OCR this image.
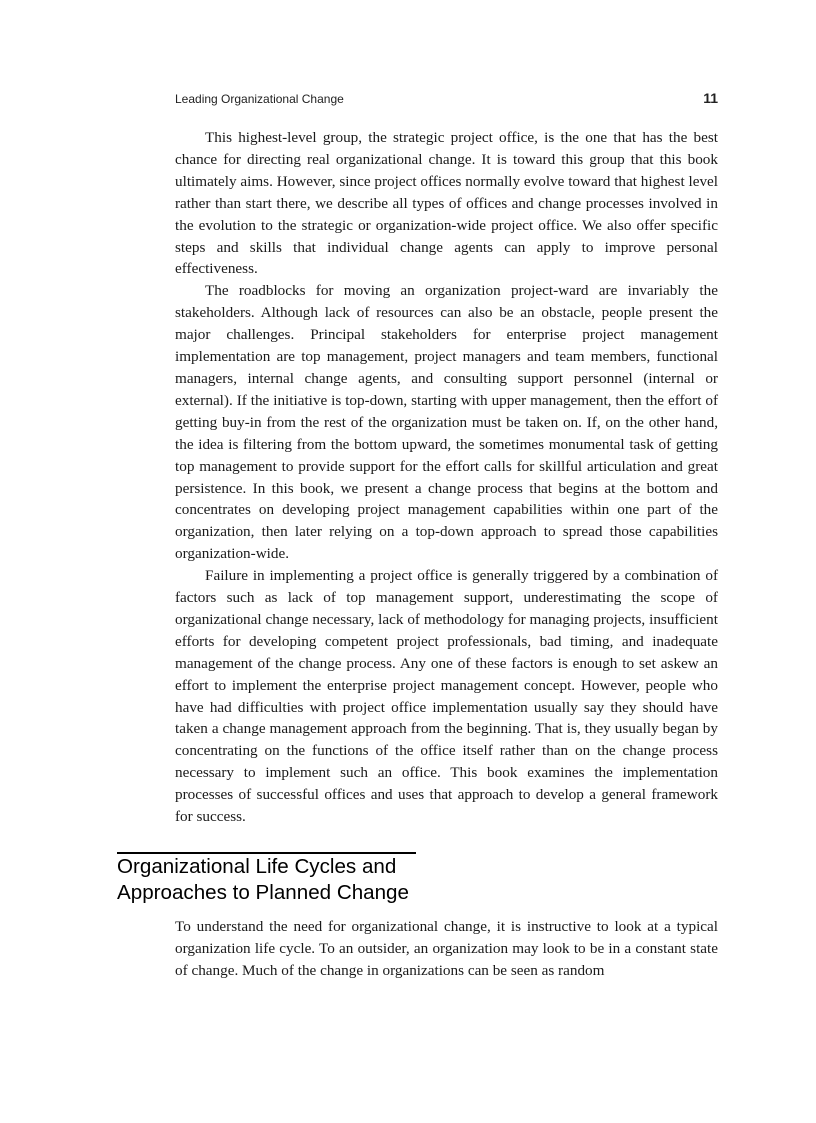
Leading Organizational Change	11

This highest-level group, the strategic project office, is the one that has the best chance for directing real organizational change. It is toward this group that this book ultimately aims. However, since project offices normally evolve toward that highest level rather than start there, we describe all types of offices and change processes involved in the evolution to the strategic or organization-wide project office. We also offer specific steps and skills that individual change agents can apply to improve personal effectiveness.

The roadblocks for moving an organization project-ward are invariably the stakeholders. Although lack of resources can also be an obstacle, people present the major challenges. Principal stakeholders for enterprise project management implementation are top management, project managers and team members, functional managers, internal change agents, and consulting support personnel (internal or external). If the initiative is top-down, starting with upper management, then the effort of getting buy-in from the rest of the organization must be taken on. If, on the other hand, the idea is filtering from the bottom upward, the sometimes monumental task of getting top management to provide support for the effort calls for skillful articulation and great persistence. In this book, we present a change process that begins at the bottom and concentrates on developing project management capabilities within one part of the organization, then later relying on a top-down approach to spread those capabilities organization-wide.

Failure in implementing a project office is generally triggered by a combination of factors such as lack of top management support, underestimating the scope of organizational change necessary, lack of methodology for managing projects, insufficient efforts for developing competent project professionals, bad timing, and inadequate management of the change process. Any one of these factors is enough to set askew an effort to implement the enterprise project management concept. However, people who have had difficulties with project office implementation usually say they should have taken a change management approach from the beginning. That is, they usually began by concentrating on the functions of the office itself rather than on the change process necessary to implement such an office. This book examines the implementation processes of successful offices and uses that approach to develop a general framework for success.

Organizational Life Cycles and
Approaches to Planned Change

To understand the need for organizational change, it is instructive to look at a typical organization life cycle. To an outsider, an organization may look to be in a constant state of change. Much of the change in organizations can be seen as random
